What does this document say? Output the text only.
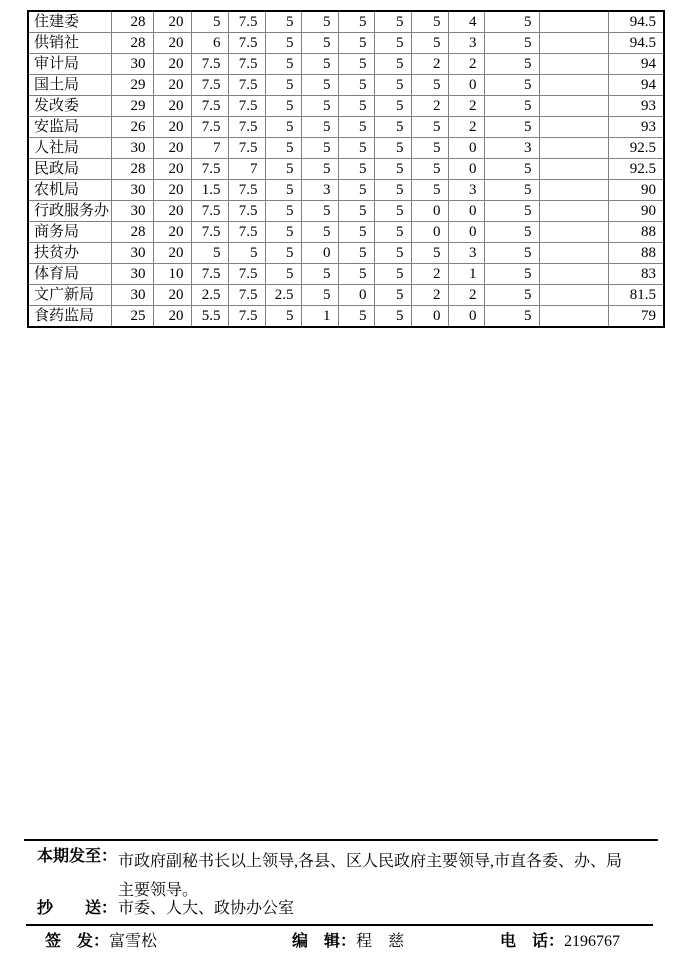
住建委	28	20	5	7.5	5	5	5	5	5	4	5		94.5
供销社	28	20	6	7.5	5	5	5	5	5	3	5		94.5
审计局	30	20	7.5	7.5	5	5	5	5	2	2	5		94
国土局	29	20	7.5	7.5	5	5	5	5	5	0	5		94
发改委	29	20	7.5	7.5	5	5	5	5	2	2	5		93
安监局	26	20	7.5	7.5	5	5	5	5	5	2	5		93
人社局	30	20	7	7.5	5	5	5	5	5	0	3		92.5
民政局	28	20	7.5	7	5	5	5	5	5	0	5		92.5
农机局	30	20	1.5	7.5	5	3	5	5	5	3	5		90
行政服务办	30	20	7.5	7.5	5	5	5	5	0	0	5		90
商务局	28	20	7.5	7.5	5	5	5	5	0	0	5		88
扶贫办	30	20	5	5	5	0	5	5	5	3	5		88
体育局	30	10	7.5	7.5	5	5	5	5	2	1	5		83
文广新局	30	20	2.5	7.5	2.5	5	0	5	2	2	5		81.5
食药监局	25	20	5.5	7.5	5	1	5	5	0	0	5		79
本期发至： 市政府副秘书长以上领导,各县、区人民政府主要领导,市直各委、办、局
主要领导。
抄　　送： 市委、人大、政协办公室
签　发：富雪松	编　辑：程　慈	电　话：2196767
